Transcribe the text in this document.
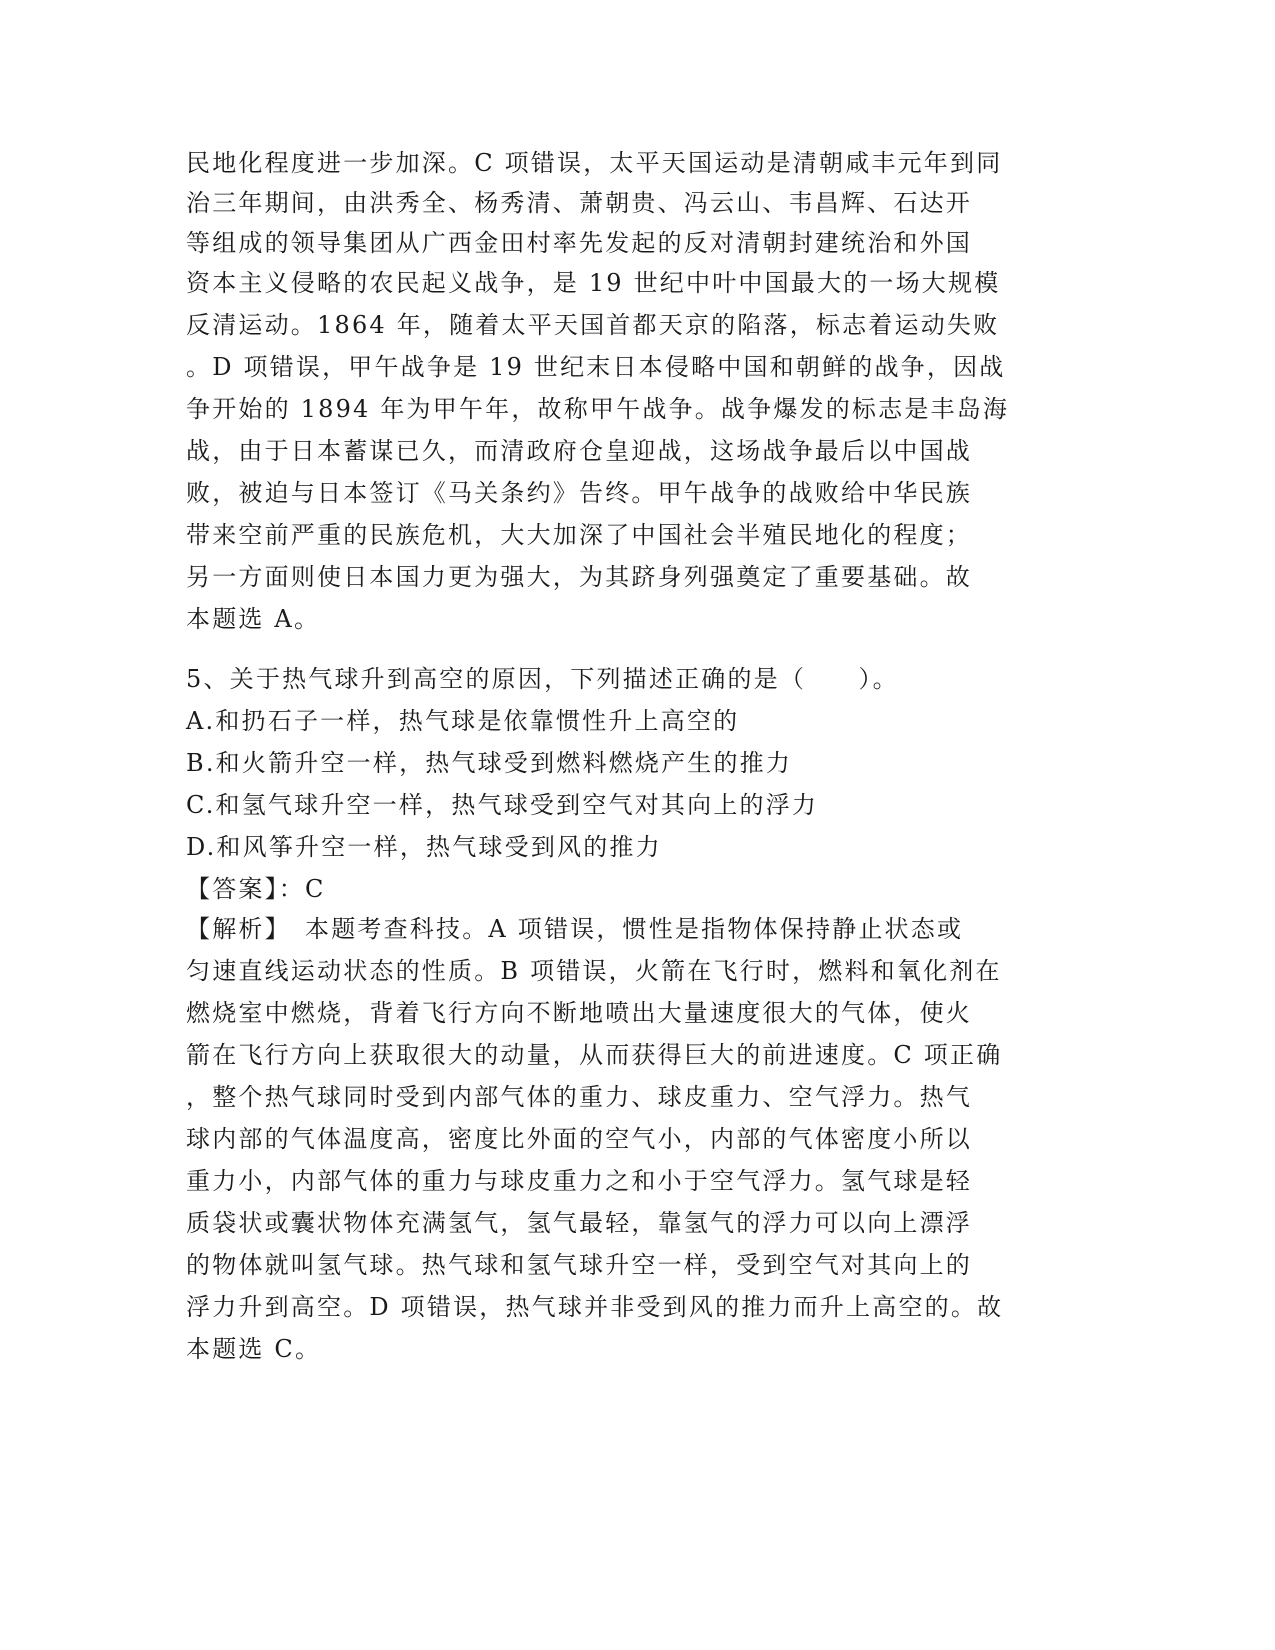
民地化程度进一步加深。C 项错误，太平天国运动是清朝咸丰元年到同
治三年期间，由洪秀全、杨秀清、萧朝贵、冯云山、韦昌辉、石达开
等组成的领导集团从广西金田村率先发起的反对清朝封建统治和外国
资本主义侵略的农民起义战争，是 19 世纪中叶中国最大的一场大规模
反清运动。1864 年，随着太平天国首都天京的陷落，标志着运动失败
。D 项错误，甲午战争是 19 世纪末日本侵略中国和朝鲜的战争，因战
争开始的 1894 年为甲午年，故称甲午战争。战争爆发的标志是丰岛海
战，由于日本蓄谋已久，而清政府仓皇迎战，这场战争最后以中国战
败，被迫与日本签订《马关条约》告终。甲午战争的战败给中华民族
带来空前严重的民族危机，大大加深了中国社会半殖民地化的程度；
另一方面则使日本国力更为强大，为其跻身列强奠定了重要基础。故
本题选 A。
5、关于热气球升到高空的原因，下列描述正确的是（　　）。
A.和扔石子一样，热气球是依靠惯性升上高空的
B.和火箭升空一样，热气球受到燃料燃烧产生的推力
C.和氢气球升空一样，热气球受到空气对其向上的浮力
D.和风筝升空一样，热气球受到风的推力
【答案】：C
【解析】　本题考查科技。A 项错误，惯性是指物体保持静止状态或
匀速直线运动状态的性质。B 项错误，火箭在飞行时，燃料和氧化剂在
燃烧室中燃烧，背着飞行方向不断地喷出大量速度很大的气体，使火
箭在飞行方向上获取很大的动量，从而获得巨大的前进速度。C 项正确
，整个热气球同时受到内部气体的重力、球皮重力、空气浮力。热气
球内部的气体温度高，密度比外面的空气小，内部的气体密度小所以
重力小，内部气体的重力与球皮重力之和小于空气浮力。氢气球是轻
质袋状或囊状物体充满氢气，氢气最轻，靠氢气的浮力可以向上漂浮
的物体就叫氢气球。热气球和氢气球升空一样，受到空气对其向上的
浮力升到高空。D 项错误，热气球并非受到风的推力而升上高空的。故
本题选 C。
